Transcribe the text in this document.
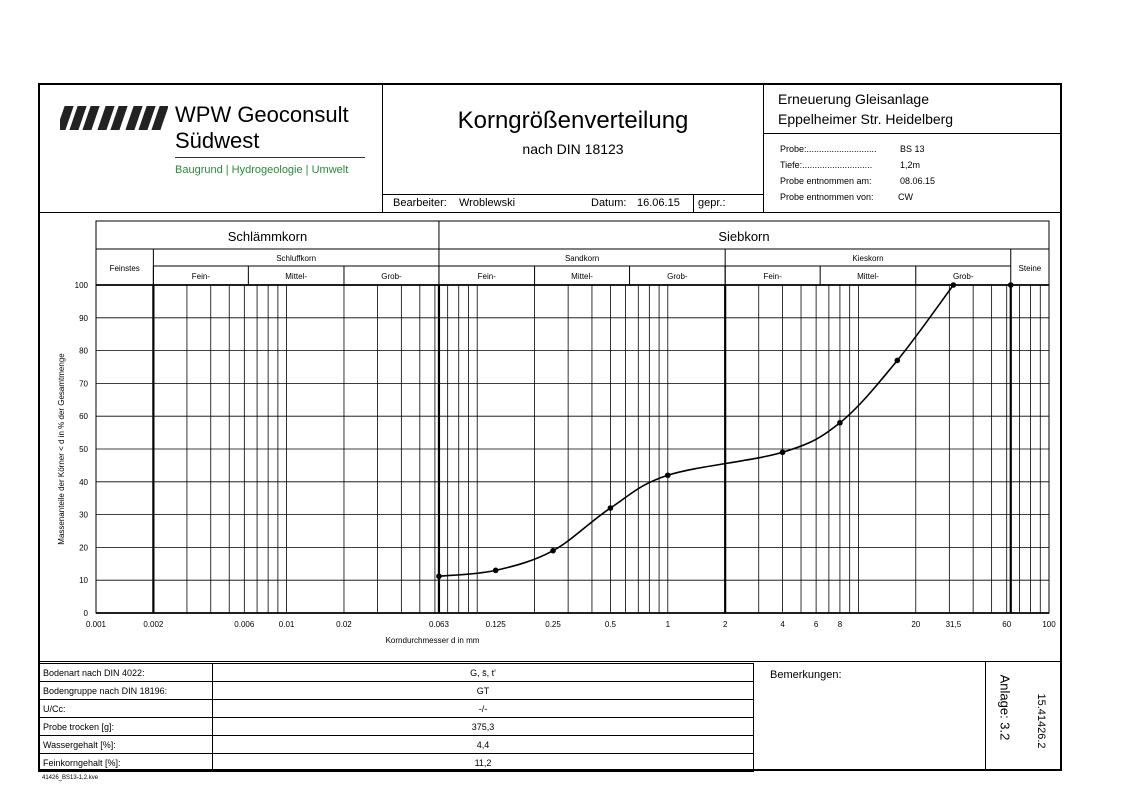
WPW Geoconsult
Südwest
Baugrund | Hydrogeologie | Umwelt
Korngrößenverteilung
nach DIN 18123
Bearbeiter: Wroblewski	Datum: 16.06.15 gepr.:
Erneuerung Gleisanlage
Eppelheimer Str. Heidelberg
Probe:............................	BS 13
Tiefe:............................	1,2m
Probe entnommen am:	08.06.15
Probe entnommen von:	CW
Schlämmkorn	Siebkorn
Feinstes
Schluffkorn	Sandkorn	Kieskorn
Steine
Fein-	Mittel-	Grob-	Fein-	Mittel-	Grob-	Fein-	Mittel-	Grob-
0
10
20
30
40
50
60
70
80
90
100
0.001	0.002	0.006	0.01	0.02	0.063	0.125	0.25	0.5	1	2	4	6 8	20	31,5	60	100
Korndurchmesser d in mm
Massenanteile der Körner < d in % der Gesamtmenge
Bodenart nach DIN 4022:	G, s̄, t'
Bodengruppe nach DIN 18196:	GT
U/Cc:	-/-
Probe trocken [g]:	375,3
Wassergehalt [%]:	4,4
Feinkorngehalt [%]:	11,2
Bemerkungen:	Anlage: 3.2 15.41426.2
41426_BS13-1,2.kve
